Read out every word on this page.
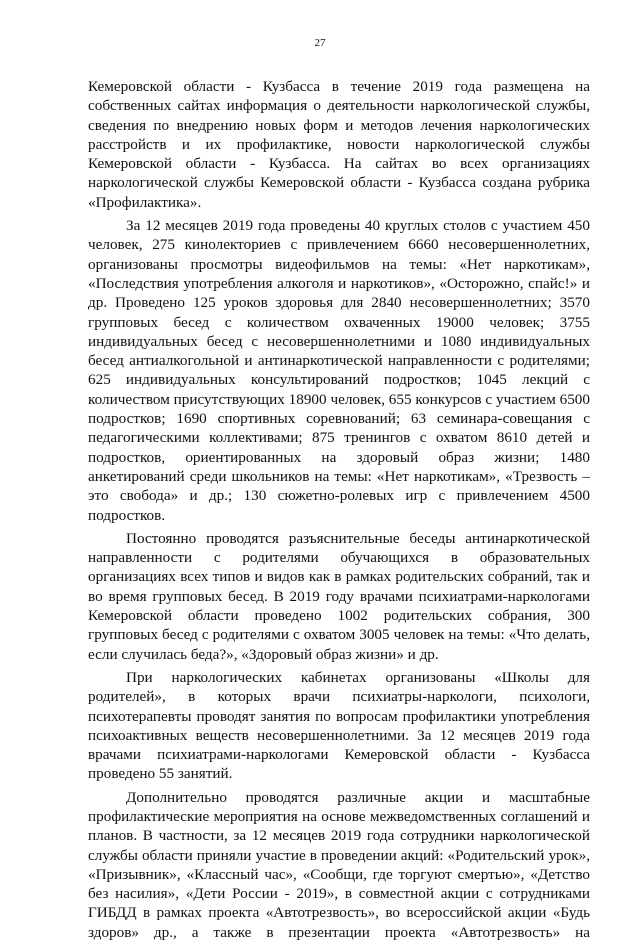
27

Кемеровской области - Кузбасса в течение 2019 года размещена на собственных сайтах информация о деятельности наркологической службы, сведения по внедрению новых форм и методов лечения наркологических расстройств и их профилактике, новости наркологической службы Кемеровской области - Кузбасса. На сайтах во всех организациях наркологической службы Кемеровской области - Кузбасса создана рубрика «Профилактика».

За 12 месяцев 2019 года проведены 40 круглых столов с участием 450 человек, 275 кинолекториев с привлечением 6660 несовершеннолетних, организованы просмотры видеофильмов на темы: «Нет наркотикам», «Последствия употребления алкоголя и наркотиков», «Осторожно, спайс!» и др. Проведено 125 уроков здоровья для 2840 несовершеннолетних; 3570 групповых бесед с количеством охваченных 19000 человек; 3755 индивидуальных бесед с несовершеннолетними и 1080 индивидуальных бесед антиалкогольной и антинаркотической направленности с родителями; 625 индивидуальных консультирований подростков; 1045 лекций с количеством присутствующих 18900 человек, 655 конкурсов с участием 6500 подростков; 1690 спортивных соревнований; 63 семинара-совещания с педагогическими коллективами; 875 тренингов с охватом 8610 детей и подростков, ориентированных на здоровый образ жизни; 1480 анкетирований среди школьников на темы: «Нет наркотикам», «Трезвость – это свобода» и др.; 130 сюжетно-ролевых игр с привлечением 4500 подростков.

Постоянно проводятся разъяснительные беседы антинаркотической направленности с родителями обучающихся в образовательных организациях всех типов и видов как в рамках родительских собраний, так и во время групповых бесед. В 2019 году врачами психиатрами-наркологами Кемеровской области проведено 1002 родительских собрания, 300 групповых бесед с родителями с охватом 3005 человек на темы: «Что делать, если случилась беда?», «Здоровый образ жизни» и др.

При наркологических кабинетах организованы «Школы для родителей», в которых врачи психиатры-наркологи, психологи, психотерапевты проводят занятия по вопросам профилактики употребления психоактивных веществ несовершеннолетними. За 12 месяцев 2019 года врачами психиатрами-наркологами Кемеровской области - Кузбасса проведено 55 занятий.

Дополнительно проводятся различные акции и масштабные профилактические мероприятия на основе межведомственных соглашений и планов. В частности, за 12 месяцев 2019 года сотрудники наркологической службы области приняли участие в проведении акций: «Родительский урок», «Призывник», «Классный час», «Сообщи, где торгуют смертью», «Детство без насилия», «Дети России - 2019», в совместной акции с сотрудниками ГИБДД в рамках проекта «Автотрезвость», во всероссийской акции «Будь здоров» др., а также в презентации проекта «Автотрезвость» на
